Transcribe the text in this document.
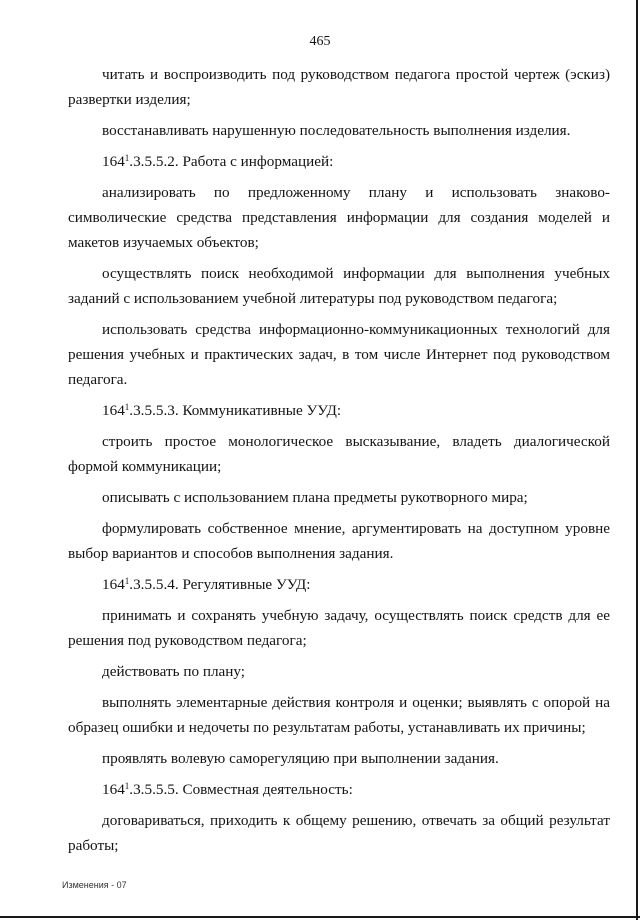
465

читать и воспроизводить под руководством педагога простой чертеж (эскиз) развертки изделия;

восстанавливать нарушенную последовательность выполнения изделия.

$164^1.3.5.5.2$. Работа с информацией:

анализировать по предложенному плану и использовать знаково-символические средства представления информации для создания моделей и макетов изучаемых объектов;

осуществлять поиск необходимой информации для выполнения учебных заданий с использованием учебной литературы под руководством педагога;

использовать средства информационно-коммуникационных технологий для решения учебных и практических задач, в том числе Интернет под руководством педагога.

$164^1.3.5.5.3$. Коммуникативные УУД:

строить простое монологическое высказывание, владеть диалогической формой коммуникации;

описывать с использованием плана предметы рукотворного мира;

формулировать собственное мнение, аргументировать на доступном уровне выбор вариантов и способов выполнения задания.

$164^1.3.5.5.4$. Регулятивные УУД:

принимать и сохранять учебную задачу, осуществлять поиск средств для ее решения под руководством педагога;

действовать по плану;

выполнять элементарные действия контроля и оценки; выявлять с опорой на образец ошибки и недочеты по результатам работы, устанавливать их причины;

проявлять волевую саморегуляцию при выполнении задания.

$164^1.3.5.5.5$. Совместная деятельность:

договариваться, приходить к общему решению, отвечать за общий результат работы;

Изменения - 07
